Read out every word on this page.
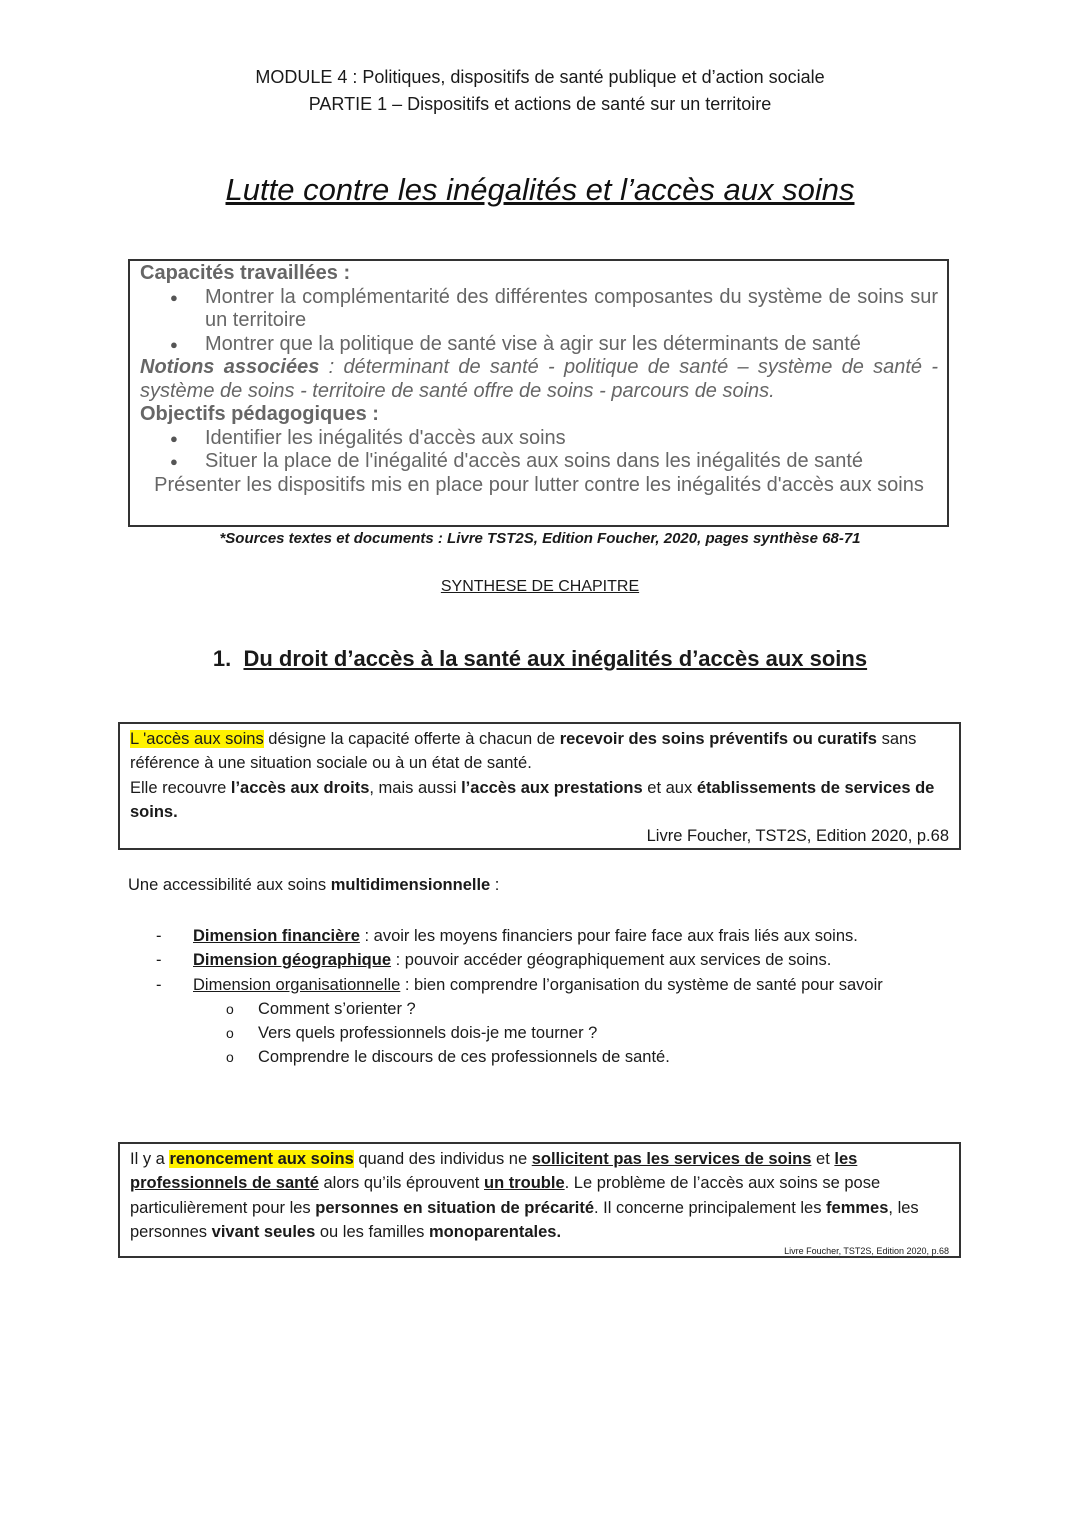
MODULE 4 : Politiques, dispositifs de santé publique et d’action sociale
PARTIE 1 – Dispositifs et actions de santé sur un territoire
Lutte contre les inégalités et l’accès aux soins
Capacités travaillées :
● Montrer la complémentarité des différentes composantes du système de soins sur un territoire
● Montrer que la politique de santé vise à agir sur les déterminants de santé
Notions associées : déterminant de santé - politique de santé – système de santé - système de soins - territoire de santé offre de soins - parcours de soins.
Objectifs pédagogiques :
● Identifier les inégalités d'accès aux soins
● Situer la place de l'inégalité d'accès aux soins dans les inégalités de santé
Présenter les dispositifs mis en place pour lutter contre les inégalités d'accès aux soins
*Sources textes et documents : Livre TST2S, Edition Foucher, 2020, pages synthèse 68-71
SYNTHESE DE CHAPITRE
1. Du droit d’accès à la santé aux inégalités d’accès aux soins
L 'accès aux soins désigne la capacité offerte à chacun de recevoir des soins préventifs ou curatifs sans référence à une situation sociale ou à un état de santé.
Elle recouvre l’accès aux droits, mais aussi l’accès aux prestations et aux établissements de services de soins.
Livre Foucher, TST2S, Edition 2020, p.68
Une accessibilité aux soins multidimensionnelle :
- Dimension financière : avoir les moyens financiers pour faire face aux frais liés aux soins.
- Dimension géographique : pouvoir accéder géographiquement aux services de soins.
- Dimension organisationnelle : bien comprendre l’organisation du système de santé pour savoir
o Comment s’orienter ?
o Vers quels professionnels dois-je me tourner ?
o Comprendre le discours de ces professionnels de santé.
Il y a renoncement aux soins quand des individus ne sollicitent pas les services de soins et les professionnels de santé alors qu’ils éprouvent un trouble. Le problème de l’accès aux soins se pose particulièrement pour les personnes en situation de précarité. Il concerne principalement les femmes, les personnes vivant seules ou les familles monoparentales.
Livre Foucher, TST2S, Edition 2020, p.68
